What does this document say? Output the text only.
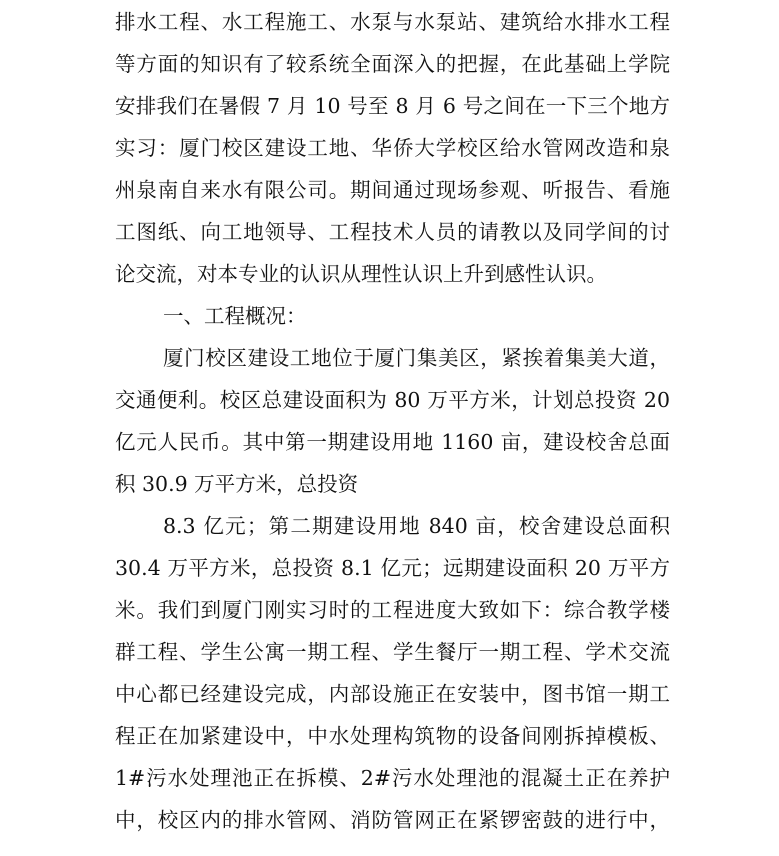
排水工程、水工程施工、水泵与水泵站、建筑给水排水工程
等方面的知识有了较系统全面深入的把握，在此基础上学院
安排我们在暑假 7 月 10 号至 8 月 6 号之间在一下三个地方
实习：厦门校区建设工地、华侨大学校区给水管网改造和泉
州泉南自来水有限公司。期间通过现场参观、听报告、看施
工图纸、向工地领导、工程技术人员的请教以及同学间的讨
论交流，对本专业的认识从理性认识上升到感性认识。
一、工程概况：
厦门校区建设工地位于厦门集美区，紧挨着集美大道，
交通便利。校区总建设面积为 80 万平方米，计划总投资 20
亿元人民币。其中第一期建设用地 1160 亩，建设校舍总面
积 30.9 万平方米，总投资
8.3 亿元；第二期建设用地 840 亩，校舍建设总面积
30.4 万平方米，总投资 8.1 亿元；远期建设面积 20 万平方
米。我们到厦门刚实习时的工程进度大致如下：综合教学楼
群工程、学生公寓一期工程、学生餐厅一期工程、学术交流
中心都已经建设完成，内部设施正在安装中，图书馆一期工
程正在加紧建设中，中水处理构筑物的设备间刚拆掉模板、
1#污水处理池正在拆模、2#污水处理池的混凝土正在养护
中，校区内的排水管网、消防管网正在紧锣密鼓的进行中，
